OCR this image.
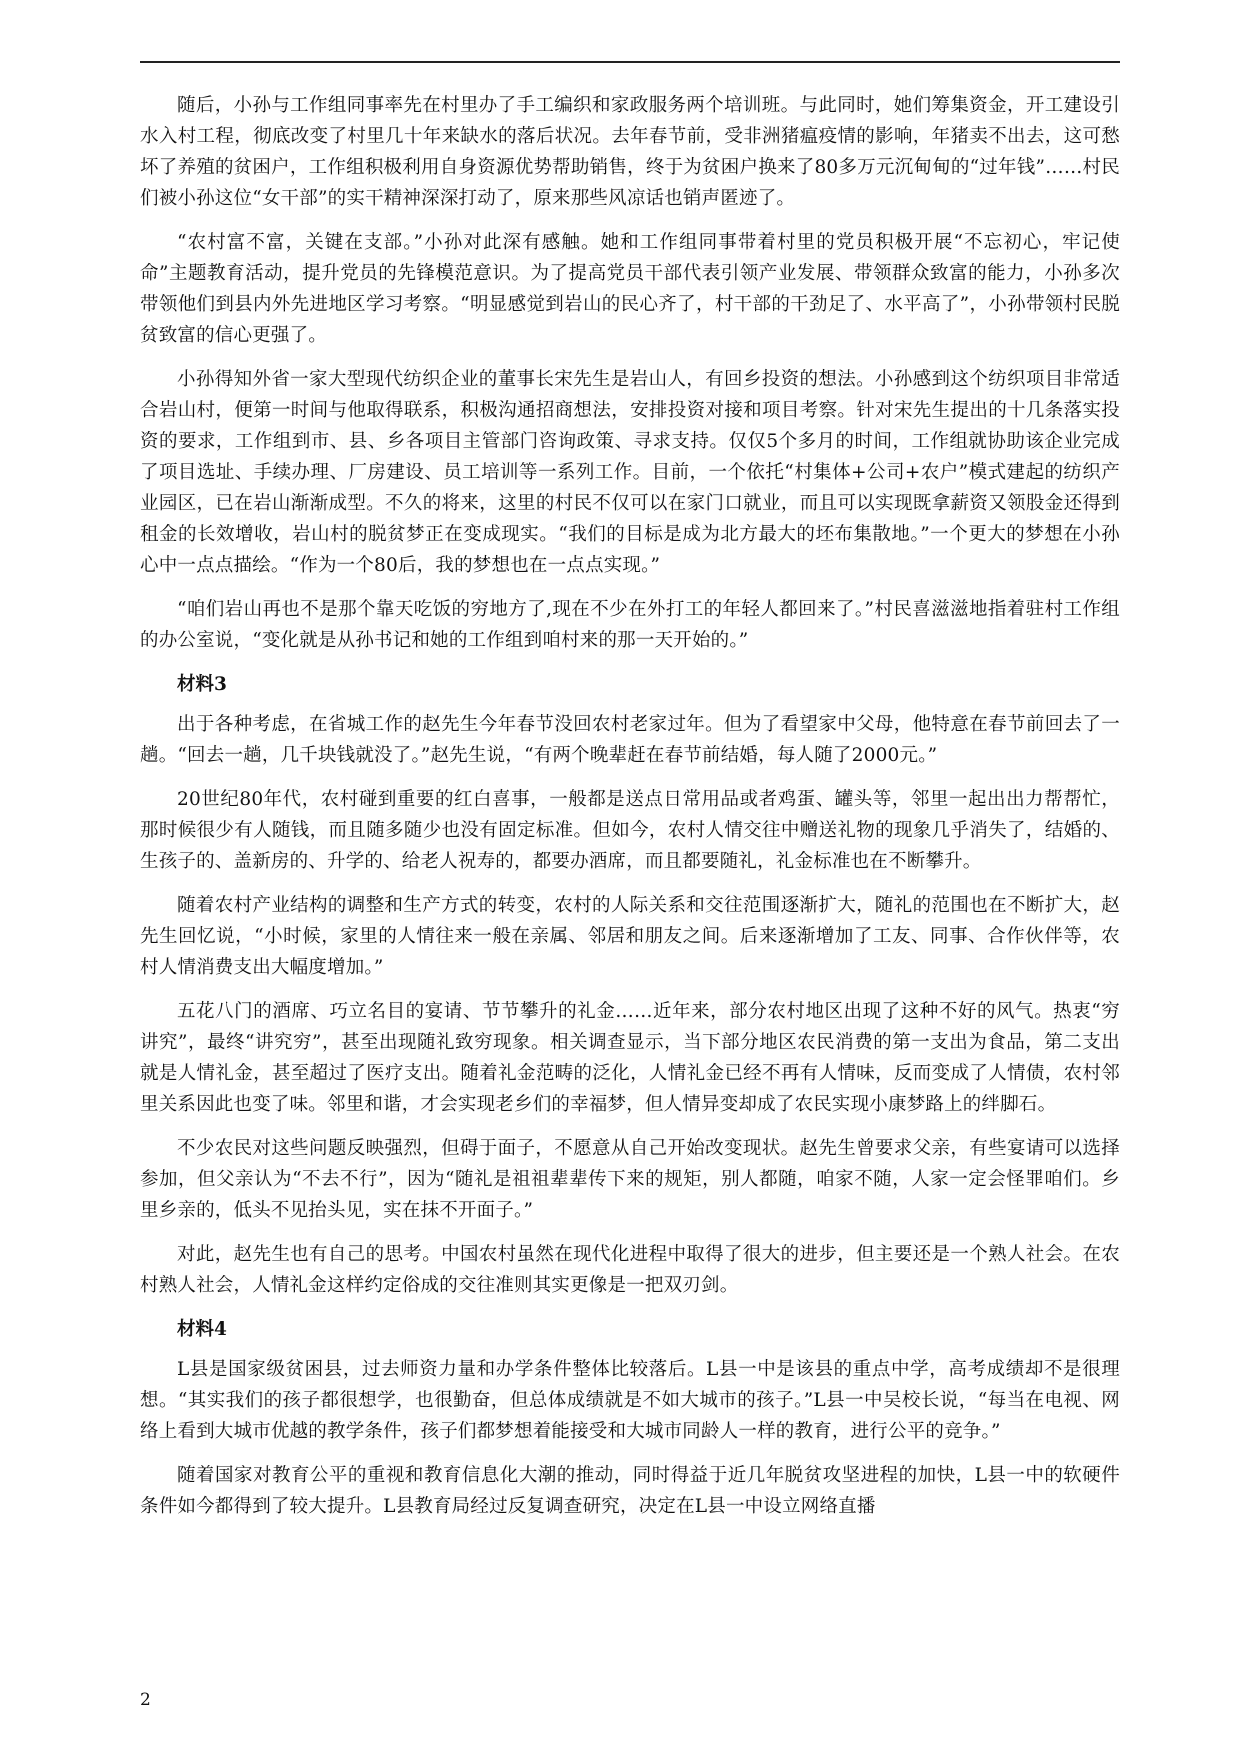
随后，小孙与工作组同事率先在村里办了手工编织和家政服务两个培训班。与此同时，她们筹集资金，开工建设引水入村工程，彻底改变了村里几十年来缺水的落后状况。去年春节前，受非洲猪瘟疫情的影响，年猪卖不出去，这可愁坏了养殖的贫困户，工作组积极利用自身资源优势帮助销售，终于为贫困户换来了80多万元沉甸甸的“过年钱”……村民们被小孙这位“女干部”的实干精神深深打动了，原来那些风凉话也销声匿迹了。

“农村富不富，关键在支部。”小孙对此深有感触。她和工作组同事带着村里的党员积极开展“不忘初心，牢记使命”主题教育活动，提升党员的先锋模范意识。为了提高党员干部代表引领产业发展、带领群众致富的能力，小孙多次带领他们到县内外先进地区学习考察。“明显感觉到岩山的民心齐了，村干部的干劲足了、水平高了”，小孙带领村民脱贫致富的信心更强了。

小孙得知外省一家大型现代纺织企业的董事长宋先生是岩山人，有回乡投资的想法。小孙感到这个纺织项目非常适合岩山村，便第一时间与他取得联系，积极沟通招商想法，安排投资对接和项目考察。针对宋先生提出的十几条落实投资的要求，工作组到市、县、乡各项目主管部门咨询政策、寻求支持。仅仅5个多月的时间，工作组就协助该企业完成了项目选址、手续办理、厂房建设、员工培训等一系列工作。目前，一个依托“村集体+公司+农户”模式建起的纺织产业园区，已在岩山渐渐成型。不久的将来，这里的村民不仅可以在家门口就业，而且可以实现既拿薪资又领股金还得到租金的长效增收，岩山村的脱贫梦正在变成现实。“我们的目标是成为北方最大的坯布集散地。”一个更大的梦想在小孙心中一点点描绘。“作为一个80后，我的梦想也在一点点实现。”

“咱们岩山再也不是那个靠天吃饭的穷地方了,现在不少在外打工的年轻人都回来了。”村民喜滋滋地指着驻村工作组的办公室说，“变化就是从孙书记和她的工作组到咱村来的那一天开始的。”

材料3

出于各种考虑，在省城工作的赵先生今年春节没回农村老家过年。但为了看望家中父母，他特意在春节前回去了一趟。“回去一趟，几千块钱就没了。”赵先生说，“有两个晚辈赶在春节前结婚，每人随了2000元。”

20世纪80年代，农村碰到重要的红白喜事，一般都是送点日常用品或者鸡蛋、罐头等，邻里一起出出力帮帮忙，那时候很少有人随钱，而且随多随少也没有固定标准。但如今，农村人情交往中赠送礼物的现象几乎消失了，结婚的、生孩子的、盖新房的、升学的、给老人祝寿的，都要办酒席，而且都要随礼，礼金标准也在不断攀升。

随着农村产业结构的调整和生产方式的转变，农村的人际关系和交往范围逐渐扩大，随礼的范围也在不断扩大，赵先生回忆说，“小时候，家里的人情往来一般在亲属、邻居和朋友之间。后来逐渐增加了工友、同事、合作伙伴等，农村人情消费支出大幅度增加。”

五花八门的酒席、巧立名目的宴请、节节攀升的礼金……近年来，部分农村地区出现了这种不好的风气。热衷“穷讲究”，最终“讲究穷”，甚至出现随礼致穷现象。相关调查显示，当下部分地区农民消费的第一支出为食品，第二支出就是人情礼金，甚至超过了医疗支出。随着礼金范畴的泛化，人情礼金已经不再有人情味，反而变成了人情债，农村邻里关系因此也变了味。邻里和谐，才会实现老乡们的幸福梦，但人情异变却成了农民实现小康梦路上的绊脚石。

不少农民对这些问题反映强烈，但碍于面子，不愿意从自己开始改变现状。赵先生曾要求父亲，有些宴请可以选择参加，但父亲认为“不去不行”，因为“随礼是祖祖辈辈传下来的规矩，别人都随，咱家不随，人家一定会怪罪咱们。乡里乡亲的，低头不见抬头见，实在抹不开面子。”

对此，赵先生也有自己的思考。中国农村虽然在现代化进程中取得了很大的进步，但主要还是一个熟人社会。在农村熟人社会，人情礼金这样约定俗成的交往准则其实更像是一把双刃剑。

材料4

L县是国家级贫困县，过去师资力量和办学条件整体比较落后。L县一中是该县的重点中学，高考成绩却不是很理想。“其实我们的孩子都很想学，也很勤奋，但总体成绩就是不如大城市的孩子。”L县一中吴校长说，“每当在电视、网络上看到大城市优越的教学条件，孩子们都梦想着能接受和大城市同龄人一样的教育，进行公平的竞争。”

随着国家对教育公平的重视和教育信息化大潮的推动，同时得益于近几年脱贫攻坚进程的加快，L县一中的软硬件条件如今都得到了较大提升。L县教育局经过反复调查研究，决定在L县一中设立网络直播

2
